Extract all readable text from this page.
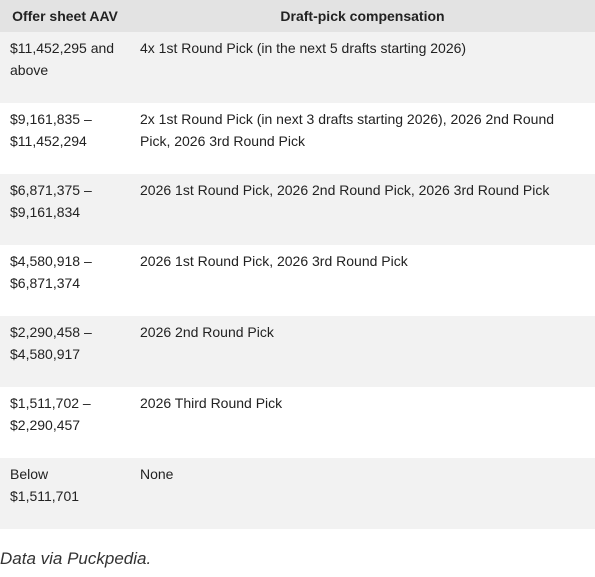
Offer sheet AAV	Draft-pick compensation
$11,452,295 and
above
4x 1st Round Pick (in the next 5 drafts starting 2026)
$9,161,835 –
$11,452,294
2x 1st Round Pick (in next 3 drafts starting 2026), 2026 2nd Round Pick, 2026 3rd Round Pick
$6,871,375 –
$9,161,834
2026 1st Round Pick, 2026 2nd Round Pick, 2026 3rd Round Pick
$4,580,918 –
$6,871,374
2026 1st Round Pick, 2026 3rd Round Pick
$2,290,458 –
$4,580,917
2026 2nd Round Pick
$1,511,702 –
$2,290,457
2026 Third Round Pick
Below
$1,511,701
None
Data via Puckpedia.
